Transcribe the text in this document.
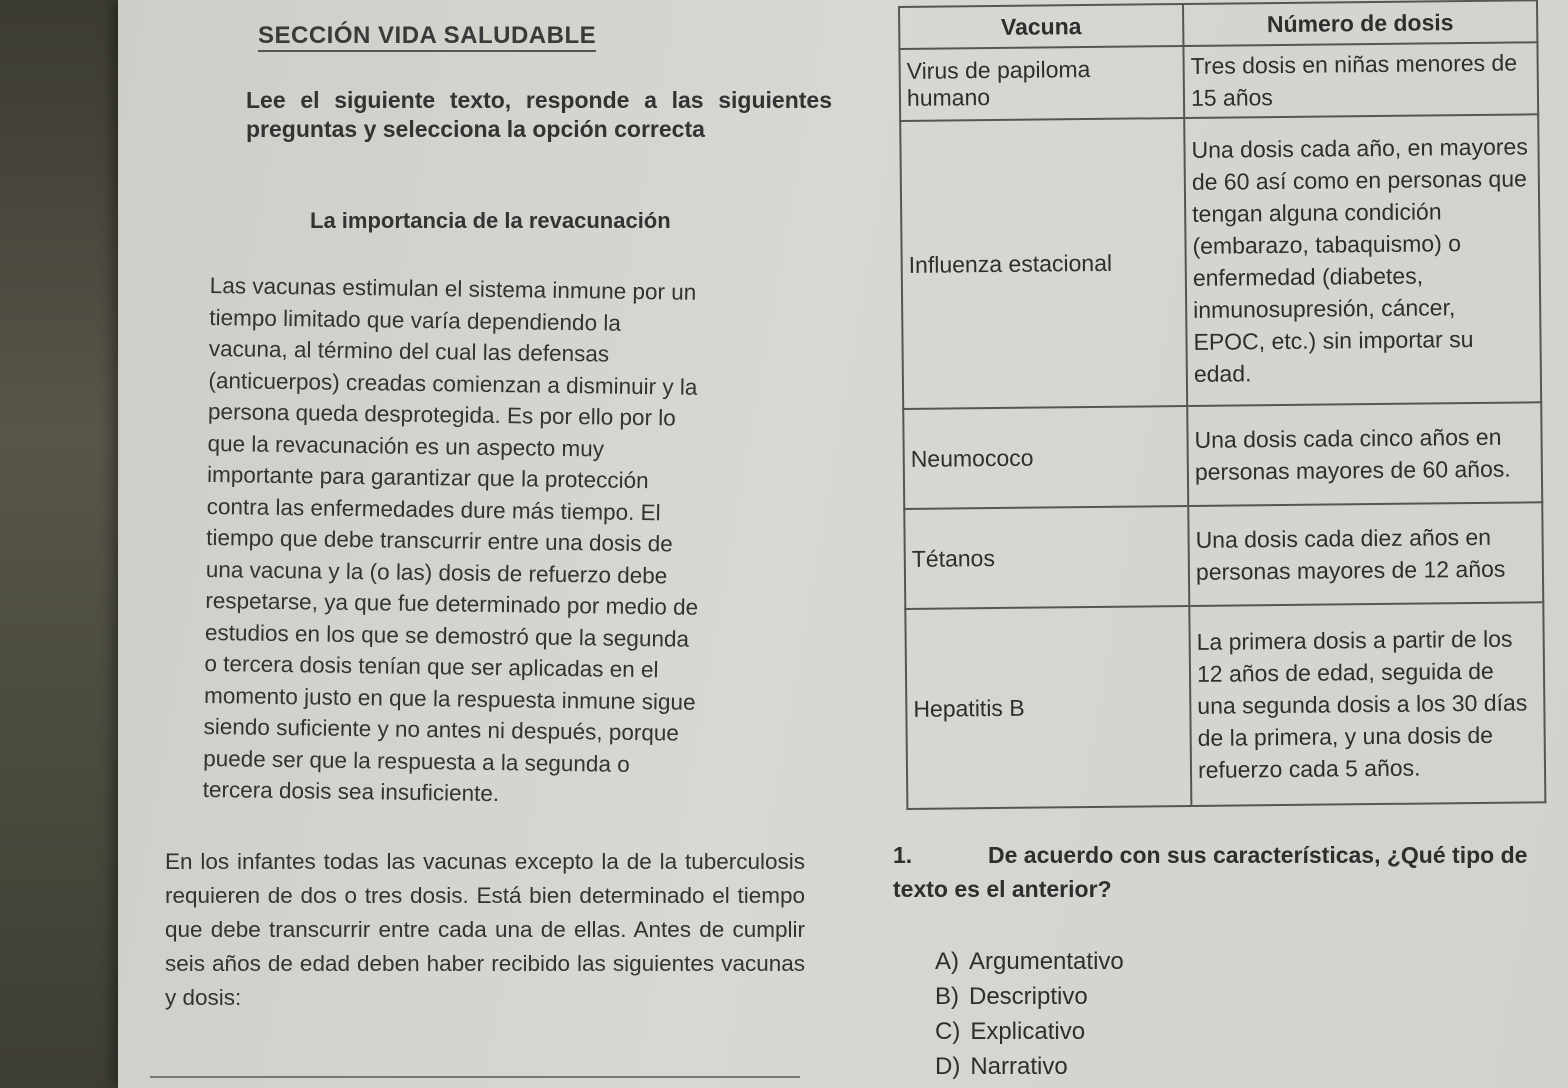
SECCIÓN VIDA SALUDABLE
Lee el siguiente texto, responde a las siguientes preguntas y selecciona la opción correcta
La importancia de la revacunación

Las vacunas estimulan el sistema inmune por un

tiempo limitado que varía dependiendo la

vacuna, al término del cual las defensas

(anticuerpos) creadas comienzan a disminuir y la

persona queda desprotegida. Es por ello por lo

que la revacunación es un aspecto muy

importante para garantizar que la protección

contra las enfermedades dure más tiempo. El

tiempo que debe transcurrir entre una dosis de

una vacuna y la (o las) dosis de refuerzo debe

respetarse, ya que fue determinado por medio de

estudios en los que se demostró que la segunda

o tercera dosis tenían que ser aplicadas en el

momento justo en que la respuesta inmune sigue

siendo suficiente y no antes ni después, porque

puede ser que la respuesta a la segunda o

tercera dosis sea insuficiente.

En los infantes todas las vacunas excepto la de la tuberculosis requieren de dos o tres dosis. Está bien determinado el tiempo que debe transcurrir entre cada una de ellas. Antes de cumplir seis años de edad deben haber recibido las siguientes vacunas y dosis:
Vacuna	Número de dosis
Virus de papiloma humano	Tres dosis en niñas menores de 15 años
Influenza estacional	Una dosis cada año, en mayores de 60 así como en personas que tengan alguna condición (embarazo, tabaquismo) o enfermedad (diabetes, inmunosupresión, cáncer, EPOC, etc.) sin importar su edad.
Neumococo	Una dosis cada cinco años en personas mayores de 60 años.
Tétanos	Una dosis cada diez años en personas mayores de 12 años
Hepatitis B	La primera dosis a partir de los 12 años de edad, seguida de una segunda dosis a los 30 días de la primera, y una dosis de refuerzo cada 5 años.
1.	De acuerdo con sus características, ¿Qué tipo de texto es el anterior?
A) Argumentativo
B) Descriptivo
C) Explicativo
D) Narrativo
